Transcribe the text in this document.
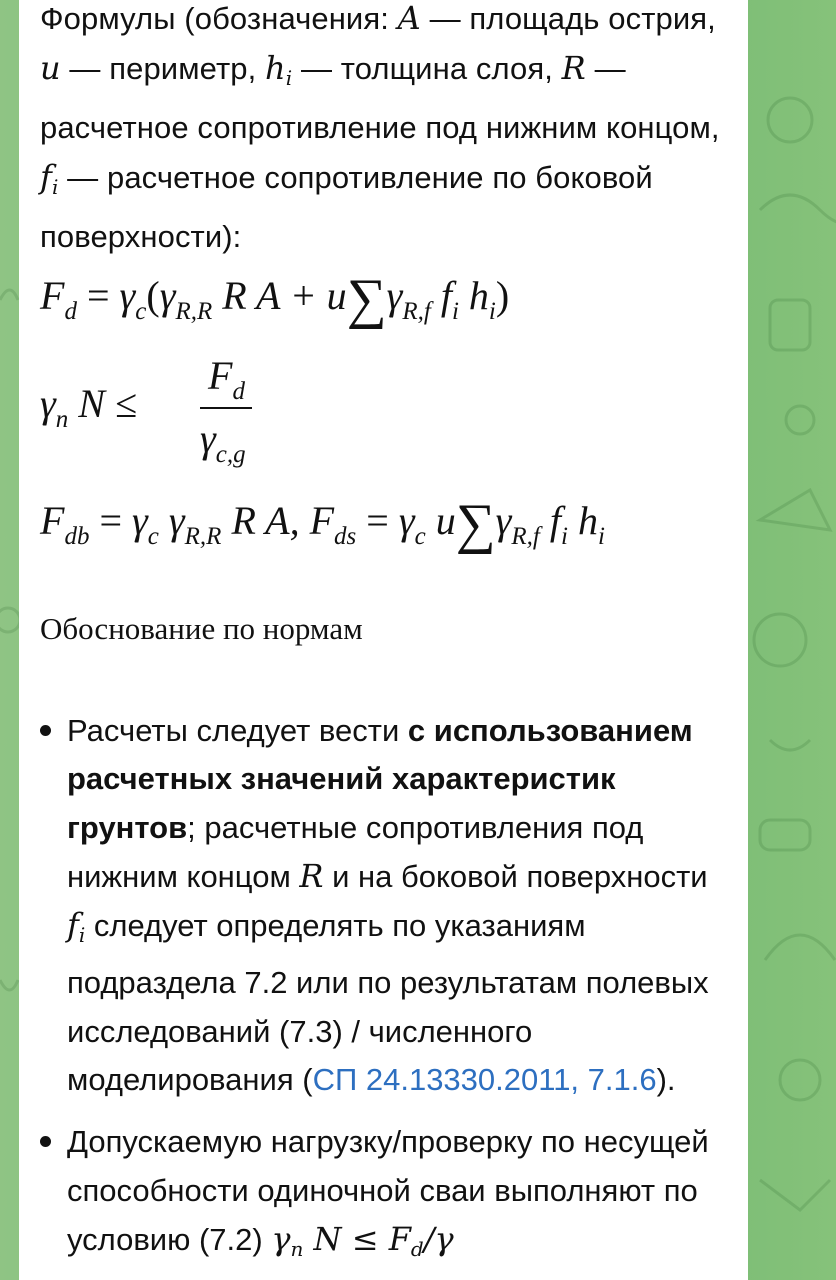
Формулы (обозначения: A — площадь острия, u — периметр, hi — толщина слоя, R — расчетное сопротивление под нижним концом, fi — расчетное сопротивление по боковой поверхности):
$F_d = \gamma_c(\gamma_{R,R}$ R $A + u\sum\gamma_{R,f}$ $f_i$ $h_i$)
$\gamma_n$ N ≤
$F_d$
$\gamma_{c,g}$
$F_{db} = \gamma_c$ $\gamma_{R,R}$ R A, $F_{ds} = \gamma_c$ $u\sum\gamma_{R,f}$ $f_i$ $h_i$
Обоснование по нормам
Расчеты следует вести с использованием расчетных значений характеристик грунтов; расчетные сопротивления под нижним концом R и на боковой поверхности fi следует определять по указаниям подраздела 7.2 или по результатам полевых исследований (7.3) / численного моделирования (СП 24.13330.2011, 7.1.6).
Допускаемую нагрузку/проверку по несущей способности одиночной сваи выполняют по условию (7.2) γn N ≤ Fd/γ
